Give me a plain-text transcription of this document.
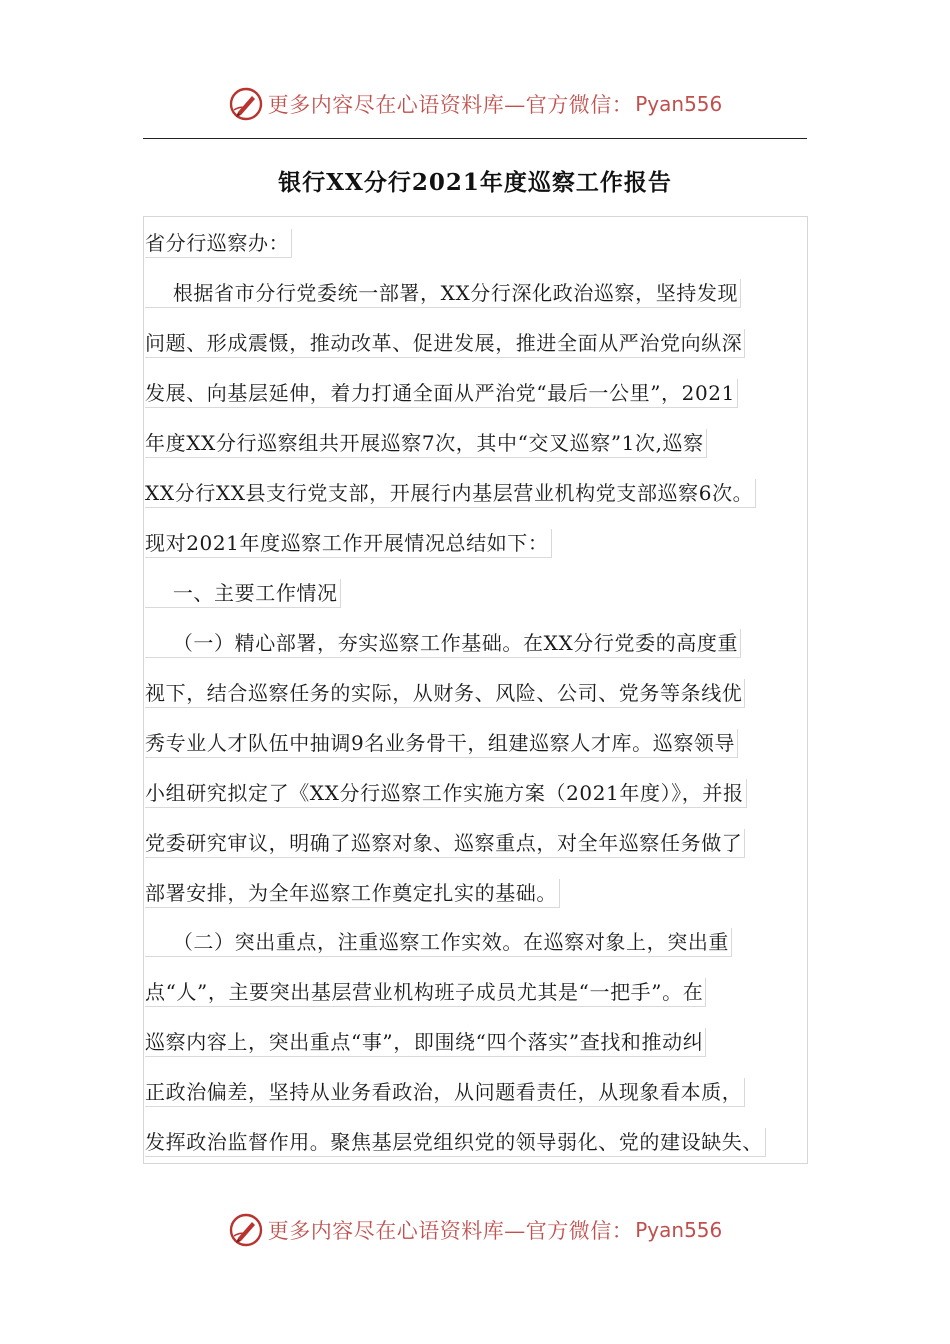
更多内容尽在心语资料库—官方微信： Pyan556
银行XX分行2021年度巡察工作报告
省分行巡察办：
根据省市分行党委统一部署，XX分行深化政治巡察，坚持发现
问题、形成震慑，推动改革、促进发展，推进全面从严治党向纵深
发展、向基层延伸，着力打通全面从严治党“最后一公里”，2021
年度XX分行巡察组共开展巡察7次，其中“交叉巡察”1次,巡察
XX分行XX县支行党支部，开展行内基层营业机构党支部巡察6次。
现对2021年度巡察工作开展情况总结如下：
一、主要工作情况
（一）精心部署，夯实巡察工作基础。在XX分行党委的高度重
视下，结合巡察任务的实际，从财务、风险、公司、党务等条线优
秀专业人才队伍中抽调9名业务骨干，组建巡察人才库。巡察领导
小组研究拟定了《XX分行巡察工作实施方案（2021年度）》，并报
党委研究审议，明确了巡察对象、巡察重点，对全年巡察任务做了
部署安排，为全年巡察工作奠定扎实的基础。
（二）突出重点，注重巡察工作实效。在巡察对象上，突出重
点“人”，主要突出基层营业机构班子成员尤其是“一把手”。在
巡察内容上，突出重点“事”，即围绕“四个落实”查找和推动纠
正政治偏差，坚持从业务看政治，从问题看责任，从现象看本质，
发挥政治监督作用。聚焦基层党组织党的领导弱化、党的建设缺失、
更多内容尽在心语资料库—官方微信： Pyan556
